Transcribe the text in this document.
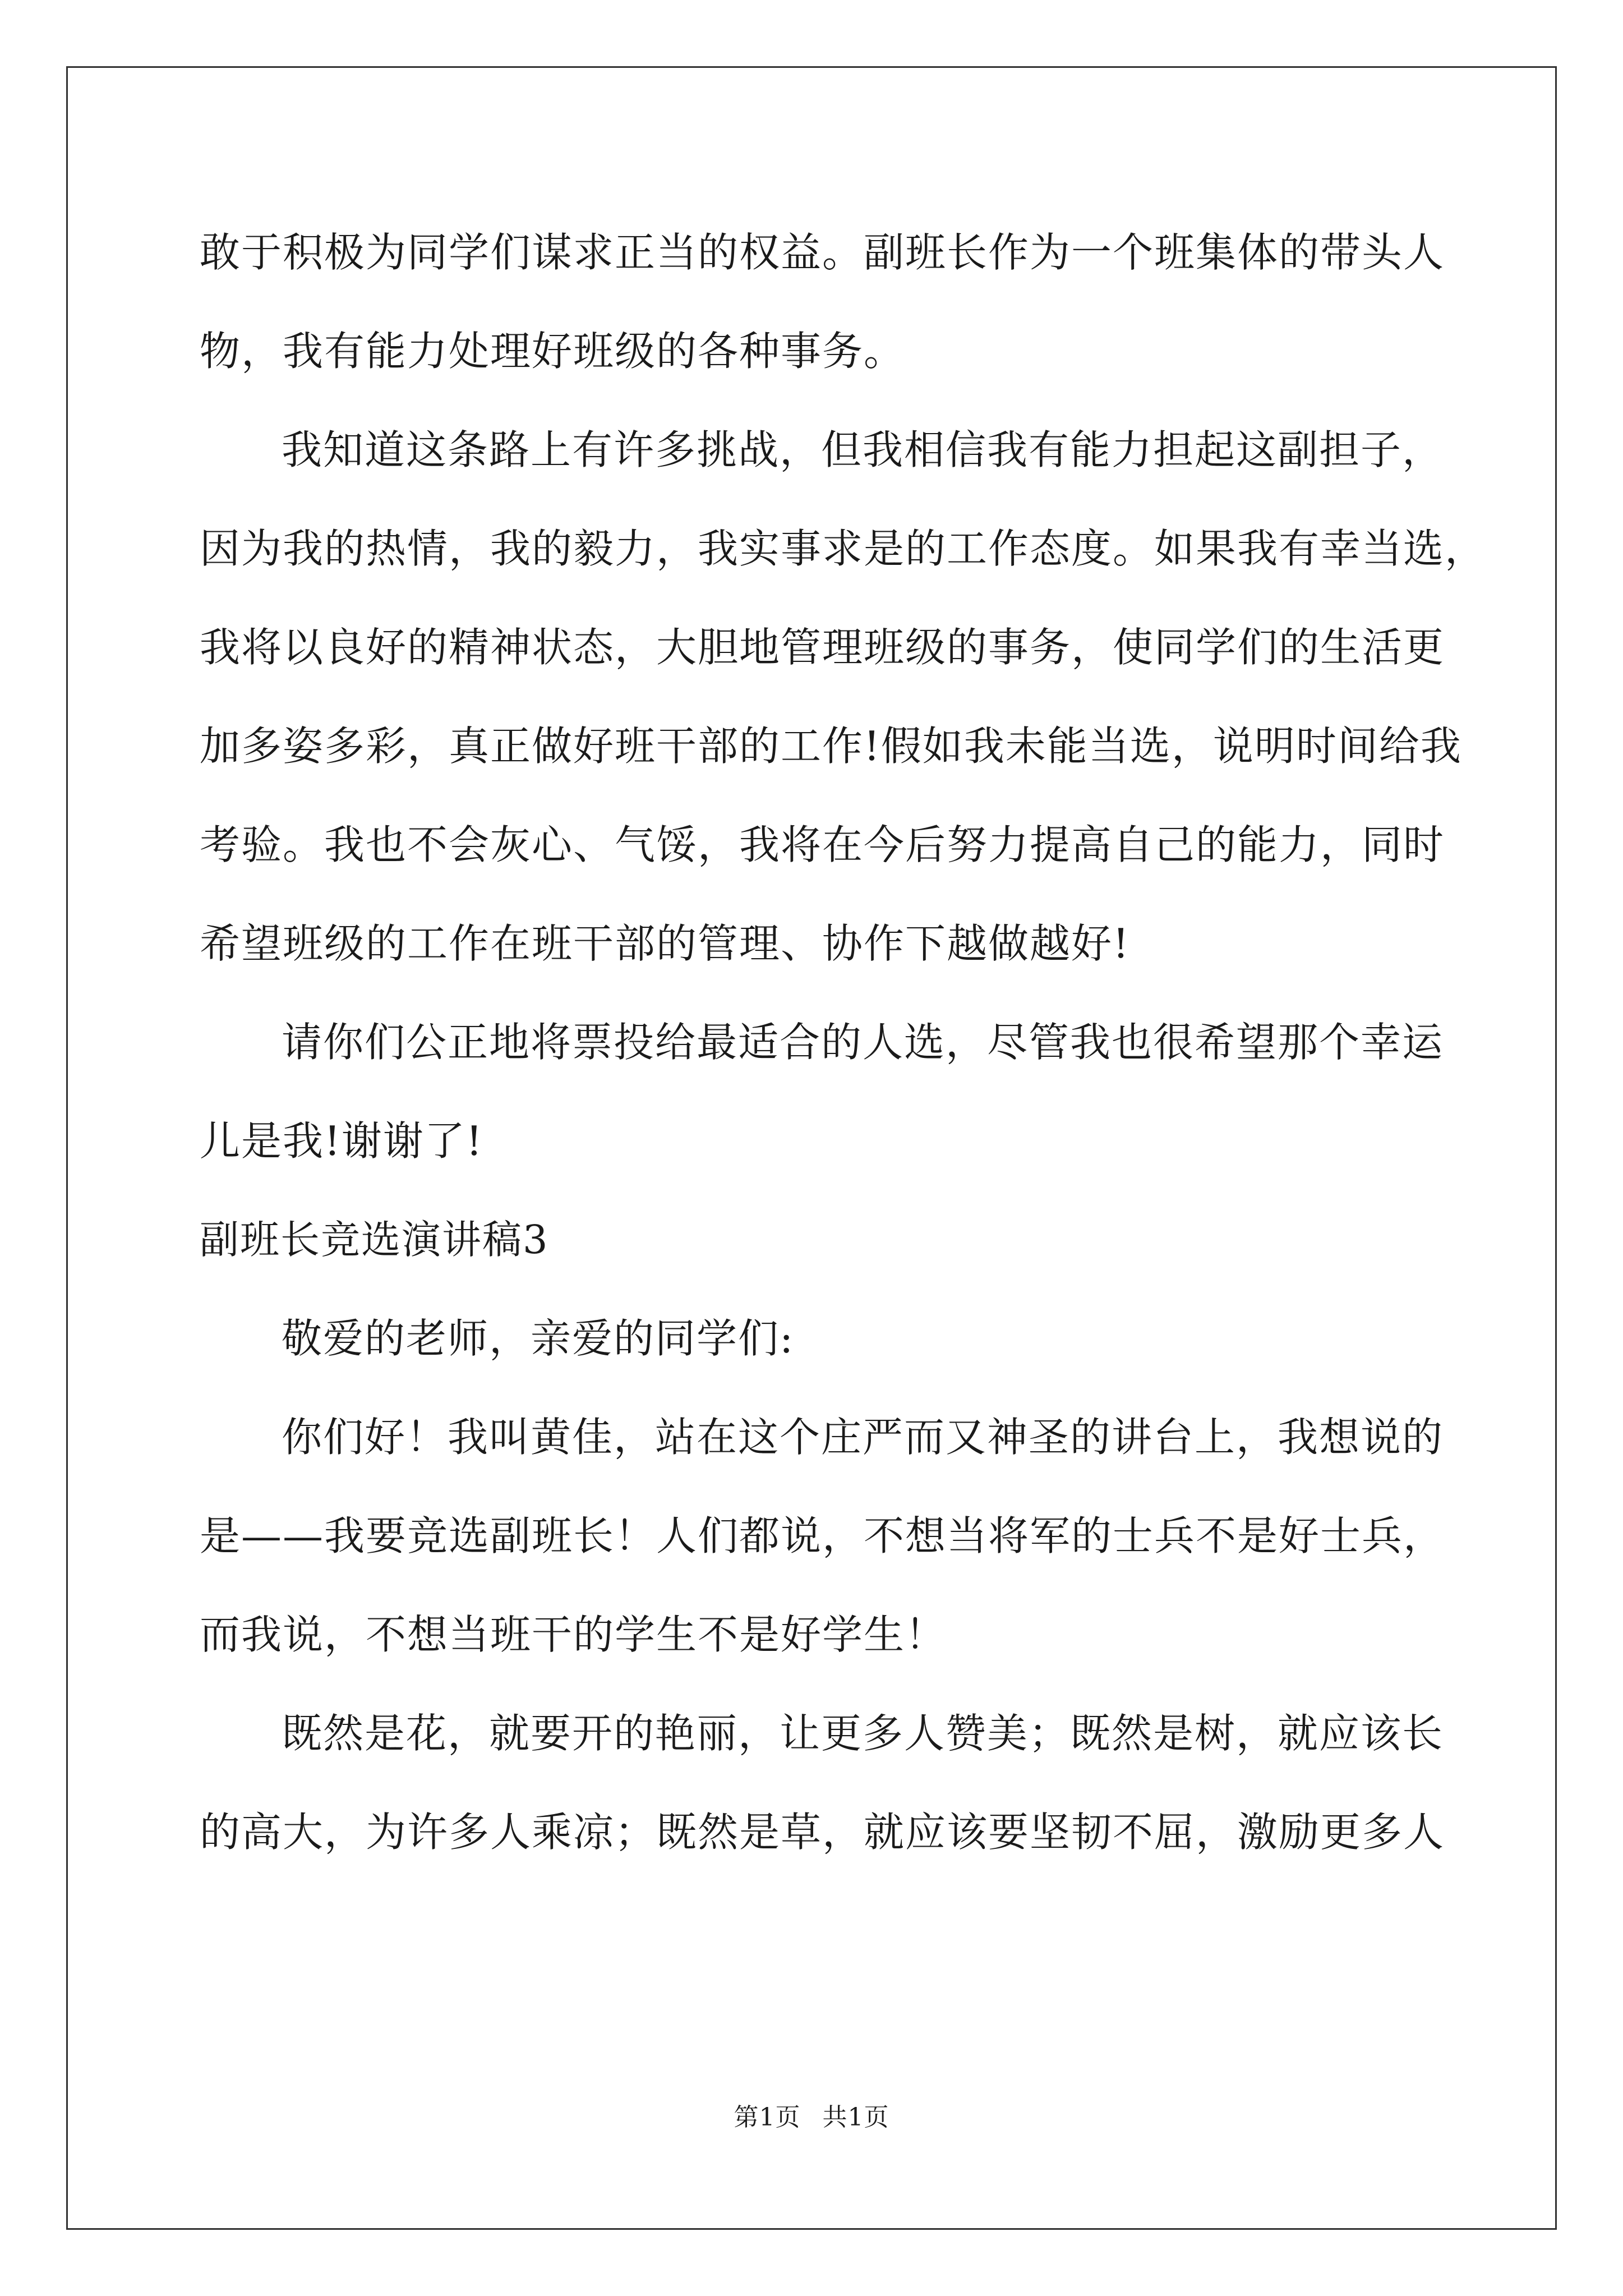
敢于积极为同学们谋求正当的权益。副班长作为一个班集体的带头人
物，我有能力处理好班级的各种事务。
我知道这条路上有许多挑战，但我相信我有能力担起这副担子，
因为我的热情，我的毅力，我实事求是的工作态度。如果我有幸当选，
我将以良好的精神状态，大胆地管理班级的事务，使同学们的生活更
加多姿多彩，真正做好班干部的工作!假如我未能当选，说明时间给我
考验。我也不会灰心、气馁，我将在今后努力提高自己的能力，同时
希望班级的工作在班干部的管理、协作下越做越好!
请你们公正地将票投给最适合的人选，尽管我也很希望那个幸运
儿是我!谢谢了!
副班长竞选演讲稿3
敬爱的老师，亲爱的同学们:
你们好！我叫黄佳，站在这个庄严而又神圣的讲台上，我想说的
是——我要竞选副班长！人们都说，不想当将军的士兵不是好士兵，
而我说，不想当班干的学生不是好学生！
既然是花，就要开的艳丽，让更多人赞美；既然是树，就应该长
的高大，为许多人乘凉；既然是草，就应该要坚韧不屈，激励更多人
第1页 共1页
